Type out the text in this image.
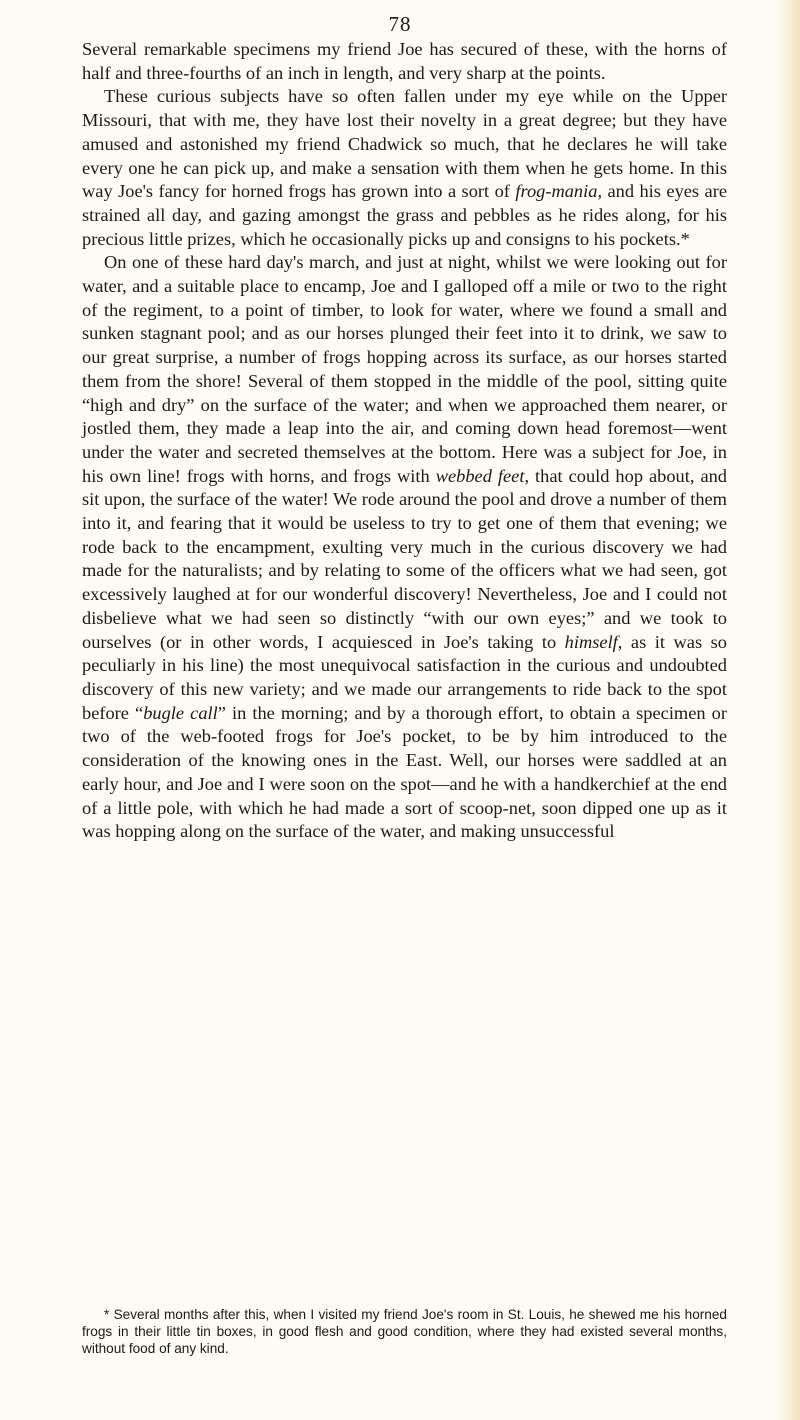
78

Several remarkable specimens my friend Joe has secured of these, with the horns of half and three-fourths of an inch in length, and very sharp at the points.

These curious subjects have so often fallen under my eye while on the Upper Missouri, that with me, they have lost their novelty in a great degree; but they have amused and astonished my friend Chadwick so much, that he declares he will take every one he can pick up, and make a sensation with them when he gets home. In this way Joe's fancy for horned frogs has grown into a sort of frog-mania, and his eyes are strained all day, and gazing amongst the grass and pebbles as he rides along, for his precious little prizes, which he occasionally picks up and consigns to his pockets.*

On one of these hard day's march, and just at night, whilst we were looking out for water, and a suitable place to encamp, Joe and I galloped off a mile or two to the right of the regiment, to a point of timber, to look for water, where we found a small and sunken stagnant pool; and as our horses plunged their feet into it to drink, we saw to our great surprise, a number of frogs hopping across its surface, as our horses started them from the shore! Several of them stopped in the middle of the pool, sitting quite “high and dry” on the surface of the water; and when we approached them nearer, or jostled them, they made a leap into the air, and coming down head foremost—went under the water and secreted themselves at the bottom. Here was a subject for Joe, in his own line! frogs with horns, and frogs with webbed feet, that could hop about, and sit upon, the surface of the water! We rode around the pool and drove a number of them into it, and fearing that it would be useless to try to get one of them that evening; we rode back to the encampment, exulting very much in the curious discovery we had made for the naturalists; and by relating to some of the officers what we had seen, got excessively laughed at for our wonderful discovery! Nevertheless, Joe and I could not disbelieve what we had seen so distinctly “with our own eyes;” and we took to ourselves (or in other words, I acquiesced in Joe's taking to himself, as it was so peculiarly in his line) the most unequivocal satisfaction in the curious and undoubted discovery of this new variety; and we made our arrangements to ride back to the spot before “bugle call” in the morning; and by a thorough effort, to obtain a specimen or two of the web-footed frogs for Joe's pocket, to be by him introduced to the consideration of the knowing ones in the East. Well, our horses were saddled at an early hour, and Joe and I were soon on the spot—and he with a handkerchief at the end of a little pole, with which he had made a sort of scoop-net, soon dipped one up as it was hopping along on the surface of the water, and making unsuccessful

* Several months after this, when I visited my friend Joe's room in St. Louis, he shewed me his horned frogs in their little tin boxes, in good flesh and good condition, where they had existed several months, without food of any kind.
